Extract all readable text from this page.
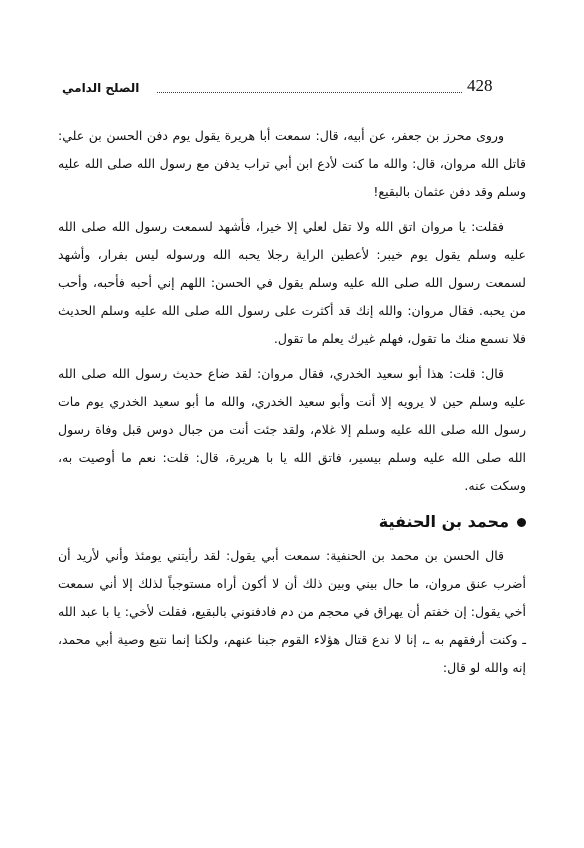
الصلح الدامي	428

وروى محرز بن جعفر، عن أبيه، قال: سمعت أبا هريرة يقول يوم دفن الحسن بن علي: قاتل الله مروان، قال: والله ما كنت لأدع ابن أبي تراب يدفن مع رسول الله صلى الله عليه وسلم وقد دفن عثمان بالبقيع!

فقلت: يا مروان اتق الله ولا تقل لعلي إلا خيرا، فأشهد لسمعت رسول الله صلى الله عليه وسلم يقول يوم خيبر: لأعطين الراية رجلا يحبه الله ورسوله ليس بفرار، وأشهد لسمعت رسول الله صلى الله عليه وسلم يقول في الحسن: اللهم إني أحبه فأحبه، وأحب من يحبه. فقال مروان: والله إنك قد أكثرت على رسول الله صلى الله عليه وسلم الحديث فلا نسمع منك ما تقول، فهلم غيرك يعلم ما تقول.

قال: قلت: هذا أبو سعيد الخدري، فقال مروان: لقد ضاع حديث رسول الله صلى الله عليه وسلم حين لا يرويه إلا أنت وأبو سعيد الخدري، والله ما أبو سعيد الخدري يوم مات رسول الله صلى الله عليه وسلم إلا غلام، ولقد جئت أنت من جبال دوس قبل وفاة رسول الله صلى الله عليه وسلم بيسير، فاتق الله يا با هريرة، قال: قلت: نعم ما أوصيت به، وسكت عنه.

محمد بن الحنفية

قال الحسن بن محمد بن الحنفية: سمعت أبي يقول: لقد رأيتني يومئذ وأني لأريد أن أضرب عنق مروان، ما حال بيني وبين ذلك أن لا أكون أراه مستوجباً لذلك إلا أني سمعت أخي يقول: إن خفتم أن يهراق في محجم من دم فادفنوني بالبقيع، فقلت لأخي: يا با عبد الله ـ وكنت أرفقهم به ـ، إنا لا ندع قتال هؤلاء القوم جبنا عنهم، ولكنا إنما نتبع وصية أبي محمد، إنه والله لو قال:
